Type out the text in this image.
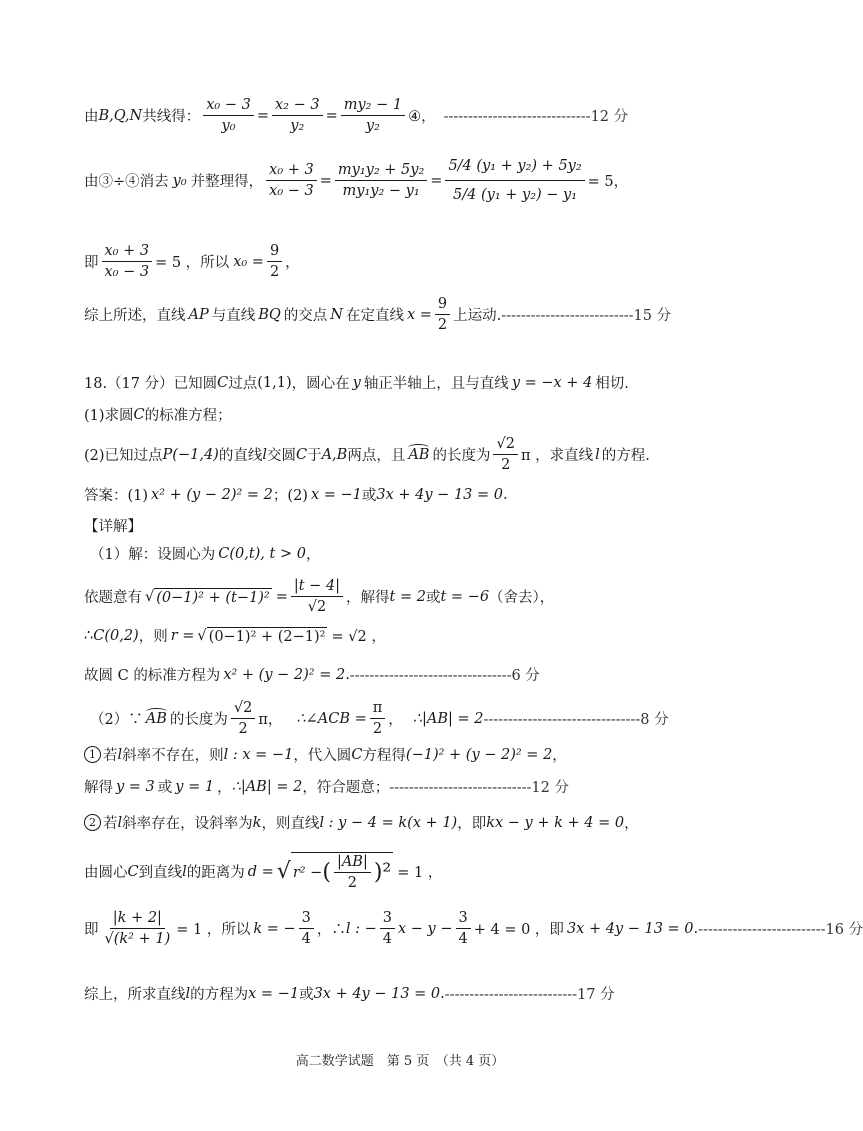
由 B,Q,N 共线得： $\frac{\text{x₀ − 3}}{\text{y₀}} = \frac{\text{x₂ − 3}}{\text{y₂}} = \frac{\text{my₂ − 1}}{\text{y₂}}$ ④， ------------------------------12 分
由③÷④消去 y₀ 并整理得， $\frac{\text{x₀ + 3}}{\text{x₀ − 3}} = \frac{\text{my₁y₂ + 5y₂}}{\text{my₁y₂ − y₁}} = \frac{\text{5/4 (y₁ + y₂) + 5y₂}}{\text{5/4 (y₁ + y₂) − y₁}} = 5$，
即 $\frac{\text{x₀ + 3}}{\text{x₀ − 3}} = 5$ ，所以 $x_0 = \frac{9}{2}$ ，
综上所述，直线 AP 与直线 BQ 的交点 N 在定直线 $x = \frac{9}{2}$ 上运动. ---------------------------15 分
18.（17 分）已知圆 C 过点 (1,1) ，圆心在 y 轴正半轴上，且与直线 y = −x + 4 相切.
(1)求圆 C 的标准方程；
(2)已知过点 P(−1,4) 的直线 l 交圆 C 于 A,B 两点，且 AB 的长度为 $\frac{√2}{2}$ π ，求直线 l 的方程.
答案：(1) x² + (y − 2)² = 2 ；(2) x = −1 或 3x + 4y − 13 = 0 .
【详解】
（1）解：设圆心为 C(0,t), t > 0 ，
依题意有 √ $(0-1)^2 + (t-1)^2 = \frac{|t - 4|}{√2}$ ，解得 t = 2 或 t = −6 （舍去），
∴ C(0,2) ，则 r = √ (0−1)² + (2−1)² = √2 ，
故圆 C 的标准方程为 x² + (y − 2)² = 2 . ---------------------------------6 分
（2）∵ AB 的长度为 $\frac{√2}{2}$ π， ∴∠ACB = $\frac{\pi}{2}$ ， ∴|AB| = 2 --------------------------------8 分
1 若 l 斜率不存在，则 l : x = −1 ，代入圆 C 方程得 (−1)² + (y − 2)² = 2 ，
解得 y = 3 或 y = 1 ， ∴|AB| = 2 ，符合题意； -----------------------------12 分
2 若 l 斜率存在，设斜率为 k ，则直线 l : y − 4 = k(x + 1) ，即 kx − y + k + 4 = 0 ，
由圆心 C 到直线 l 的距离为 d = √ r² − ( $\frac{|AB|}{2} )^2 = 1$ ，
即 $\frac{|k + 2|}{\text{√(k² + 1)}} = 1$ ，所以 k = − $\frac{3}{4}$ ，∴ l : − $\frac{3}{4}$ $x - y - \frac{3}{4} + 4 = 0$ ，即 3x + 4y − 13 = 0 . --------------------------16 分
综上，所求直线 l 的方程为 x = −1 或 3x + 4y − 13 = 0 . ---------------------------17 分
高二数学试题　第 5 页　（共 4 页）
